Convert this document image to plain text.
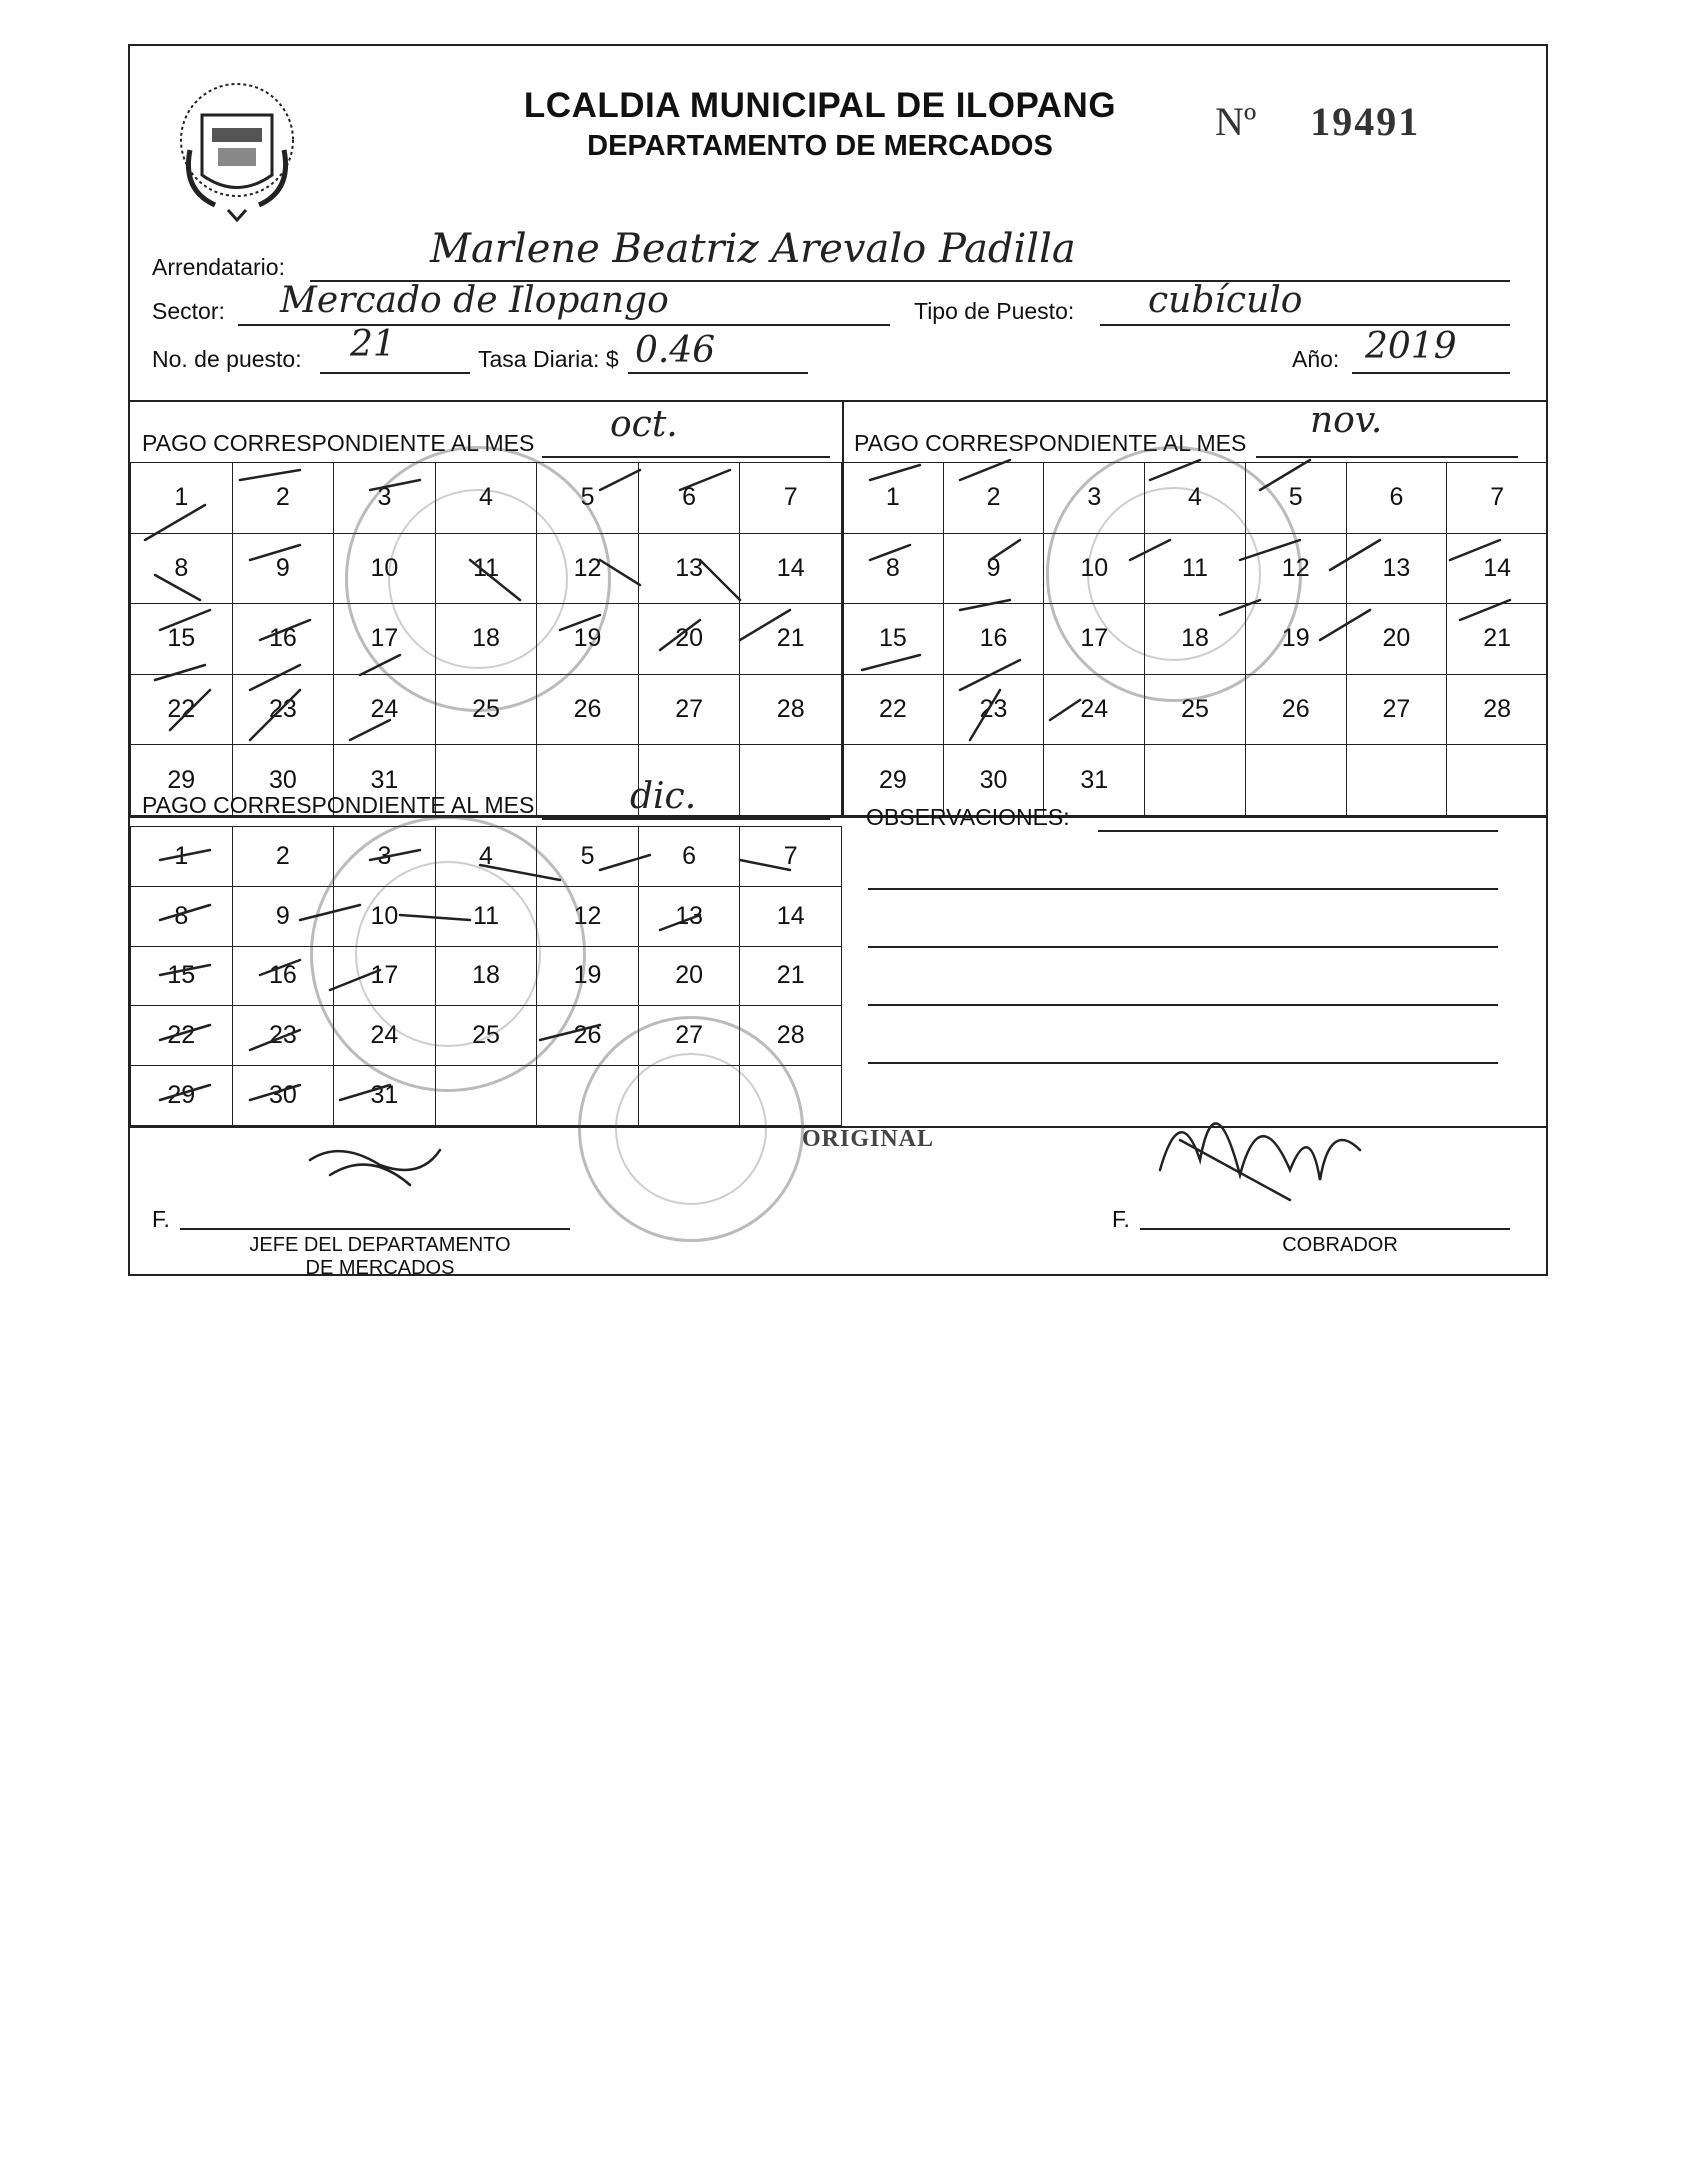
LCALDIA MUNICIPAL DE ILOPANG
DEPARTAMENTO DE MERCADOS
Nº 19491
Arrendatario:	Marlene Beatriz Arevalo Padilla
Sector: Mercado de Ilopango	Tipo de Puesto: cubículo
No. de puesto: 21	Tasa Diaria: $ 0.46	Año: 2019
PAGO CORRESPONDIENTE AL MES oct.
1	2	3	4	5	6	7
8	9	10	11	12	13	14
15	16	17	18	19	20	21
22	23	24	25	26	27	28
29	30	31
PAGO CORRESPONDIENTE AL MES
nov.
1	2	3	4	5	6	7
8	9	10	11	12	13	14
15	16	17	18	19	20	21
22	23	24	25	26	27	28
29	30	31
PAGO CORRESPONDIENTE AL MES	dic.
1	2	3	4	5	6	7
8	9	10	11	12	13	14
15	16	17	18	19	20	21
22	23	24	25	26	27	28
29	30	31
OBSERVACIONES:
F.
JEFE DEL DEPARTAMENTO
DE MERCADOS
F.
COBRADOR
ORIGINAL
